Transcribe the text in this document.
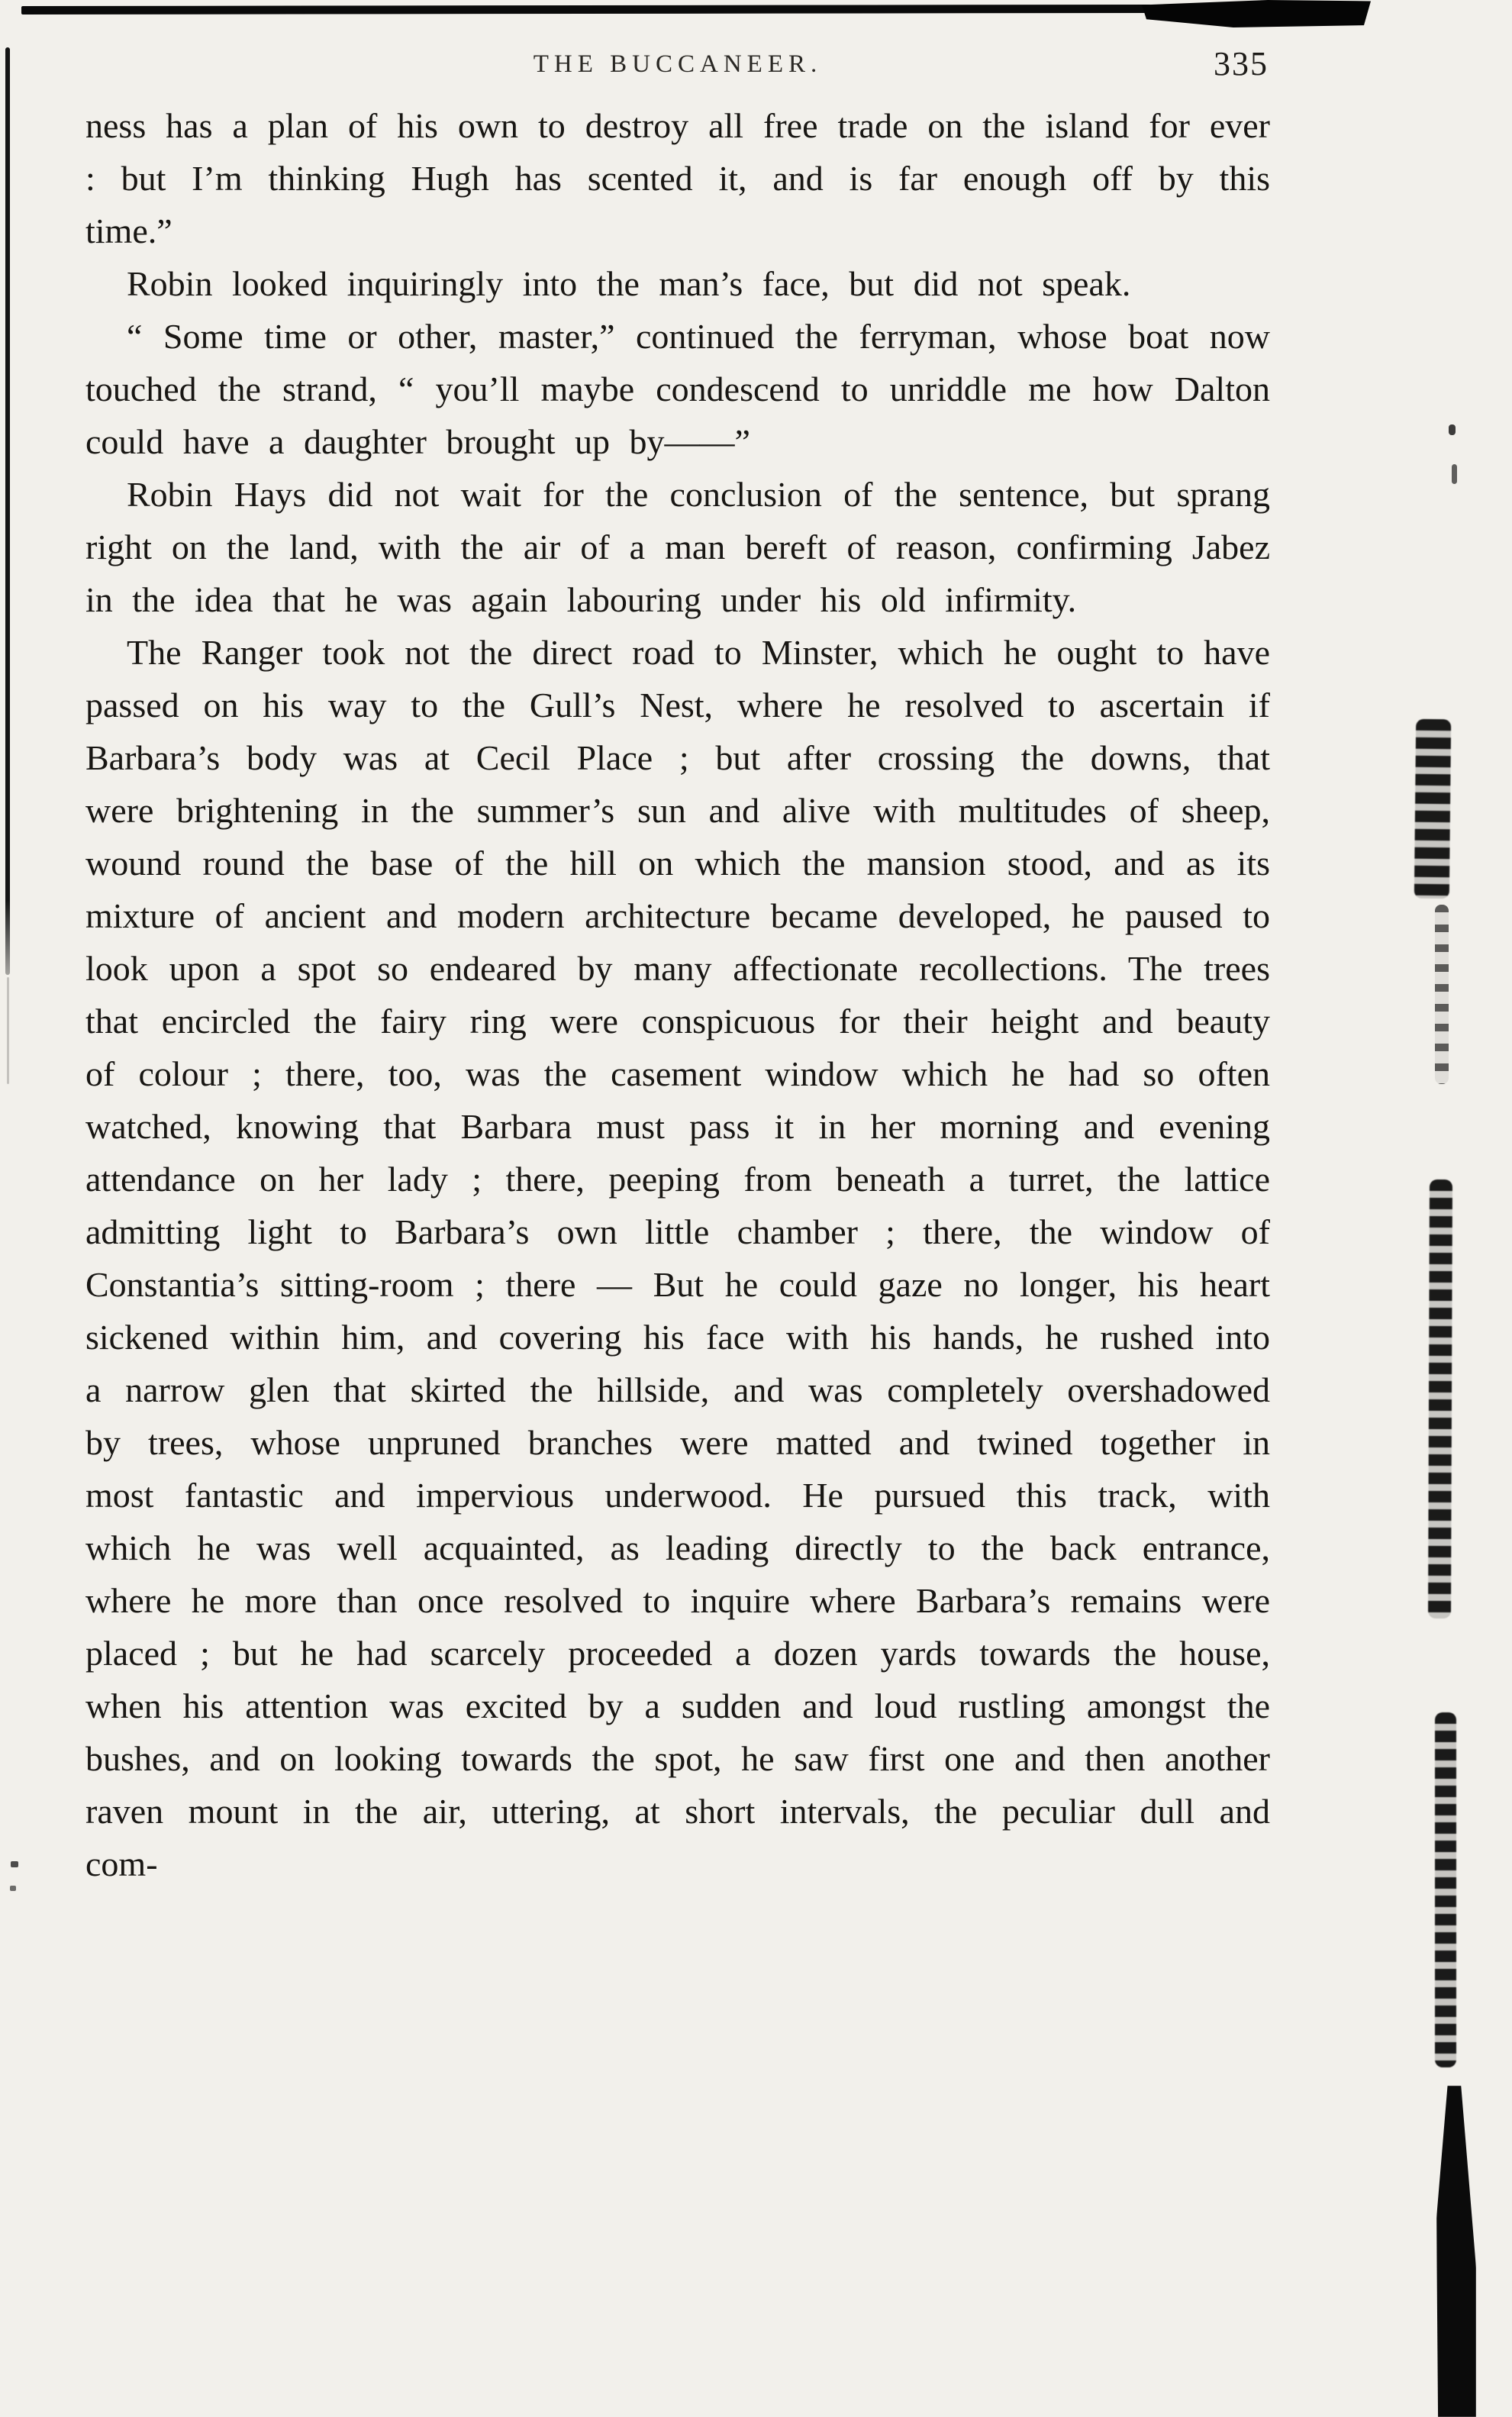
THE BUCCANEER.	335

ness has a plan of his own to destroy all free trade on the island for ever : but I’m thinking Hugh has scented it, and is far enough off by this time.”

Robin looked inquiringly into the man’s face, but did not speak.

“ Some time or other, master,” continued the ferryman, whose boat now touched the strand, “ you’ll maybe condescend to unriddle me how Dalton could have a daughter brought up by——”

Robin Hays did not wait for the conclusion of the sentence, but sprang right on the land, with the air of a man bereft of reason, confirming Jabez in the idea that he was again labouring under his old infirmity.

The Ranger took not the direct road to Minster, which he ought to have passed on his way to the Gull’s Nest, where he resolved to ascertain if Barbara’s body was at Cecil Place ; but after crossing the downs, that were brightening in the summer’s sun and alive with multitudes of sheep, wound round the base of the hill on which the mansion stood, and as its mixture of ancient and modern architecture became developed, he paused to look upon a spot so endeared by many affectionate recollections. The trees that encircled the fairy ring were conspicuous for their height and beauty of colour ; there, too, was the casement window which he had so often watched, knowing that Barbara must pass it in her morning and evening attendance on her lady ; there, peeping from beneath a turret, the lattice admitting light to Barbara’s own little chamber ; there, the window of Constantia’s sitting-room ; there — But he could gaze no longer, his heart sickened within him, and covering his face with his hands, he rushed into a narrow glen that skirted the hillside, and was completely overshadowed by trees, whose unpruned branches were matted and twined together in most fantastic and impervious underwood. He pursued this track, with which he was well acquainted, as leading directly to the back entrance, where he more than once resolved to inquire where Barbara’s remains were placed ; but he had scarcely proceeded a dozen yards towards the house, when his attention was excited by a sudden and loud rustling amongst the bushes, and on looking towards the spot, he saw first one and then another raven mount in the air, uttering, at short intervals, the peculiar dull and com-
